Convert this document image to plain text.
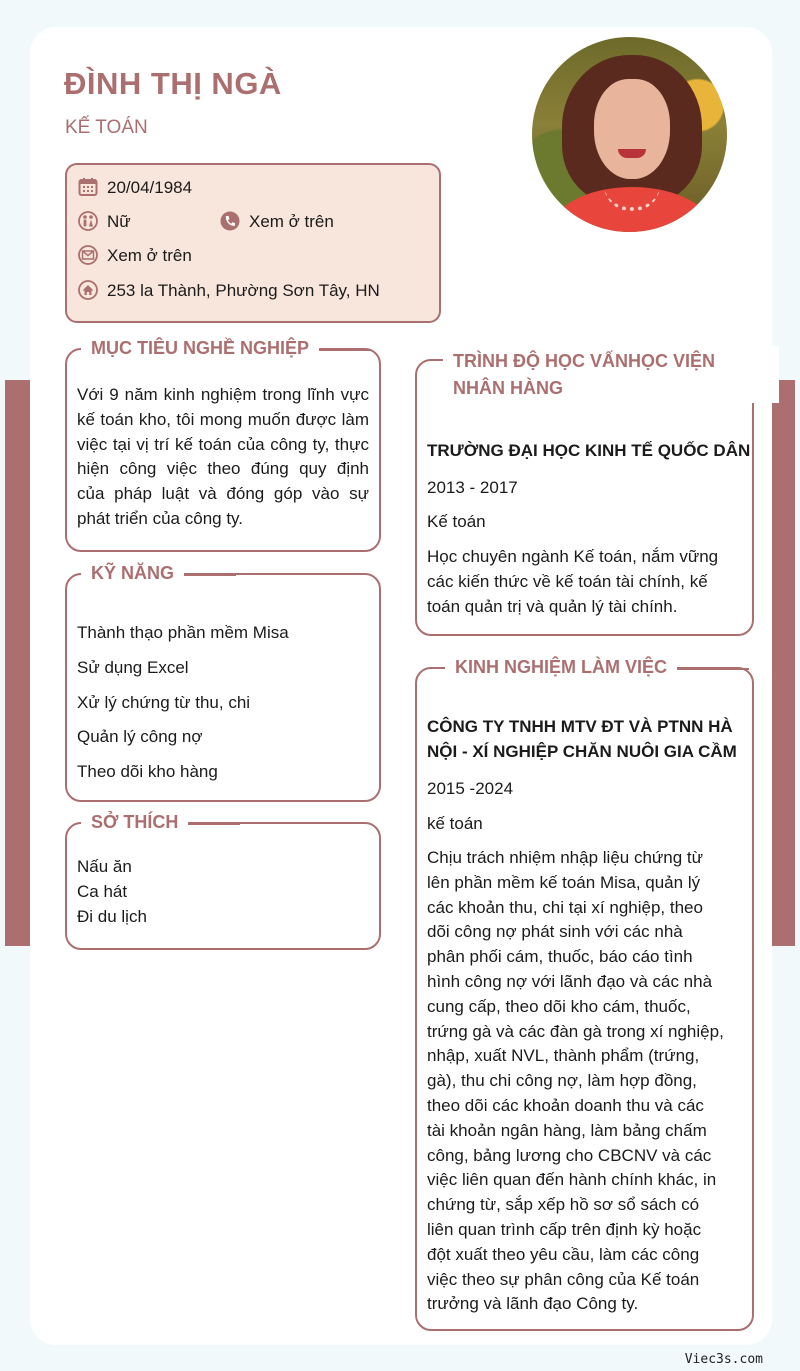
ĐÌNH THỊ NGÀ
KẾ TOÁN
20/04/1984
Nữ	Xem ở trên
Xem ở trên
253 la Thành, Phường Sơn Tây, HN
MỤC TIÊU NGHỀ NGHIỆP
Với 9 năm kinh nghiệm trong lĩnh vực
kế toán kho, tôi mong muốn được làm
việc tại vị trí kế toán của công ty, thực
hiện công việc theo đúng quy định
của pháp luật và đóng góp vào sự
phát triển của công ty.
KỸ NĂNG
Thành thạo phần mềm Misa
Sử dụng Excel
Xử lý chứng từ thu, chi
Quản lý công nợ
Theo dõi kho hàng
SỞ THÍCH
Nấu ăn
Ca hát
Đi du lịch
TRÌNH ĐỘ HỌC VẤNHỌC VIỆN
NHÂN HÀNG
TRƯỜNG ĐẠI HỌC KINH TẾ QUỐC DÂN
2013 - 2017
Kế toán
Học chuyên ngành Kế toán, nắm vững
các kiến thức về kế toán tài chính, kế
toán quản trị và quản lý tài chính.
KINH NGHIỆM LÀM VIỆC
CÔNG TY TNHH MTV ĐT VÀ PTNN HÀ
NỘI - XÍ NGHIỆP CHĂN NUÔI GIA CẦM
2015 -2024
kế toán
Chịu trách nhiệm nhập liệu chứng từ
lên phần mềm kế toán Misa, quản lý
các khoản thu, chi tại xí nghiệp, theo
dõi công nợ phát sinh với các nhà
phân phối cám, thuốc, báo cáo tình
hình công nợ với lãnh đạo và các nhà
cung cấp, theo dõi kho cám, thuốc,
trứng gà và các đàn gà trong xí nghiệp,
nhập, xuất NVL, thành phẩm (trứng,
gà), thu chi công nợ, làm hợp đồng,
theo dõi các khoản doanh thu và các
tài khoản ngân hàng, làm bảng chấm
công, bảng lương cho CBCNV và các
việc liên quan đến hành chính khác, in
chứng từ, sắp xếp hồ sơ sổ sách có
liên quan trình cấp trên định kỳ hoặc
đột xuất theo yêu cầu, làm các công
việc theo sự phân công của Kế toán
trưởng và lãnh đạo Công ty.
Viec3s.com
